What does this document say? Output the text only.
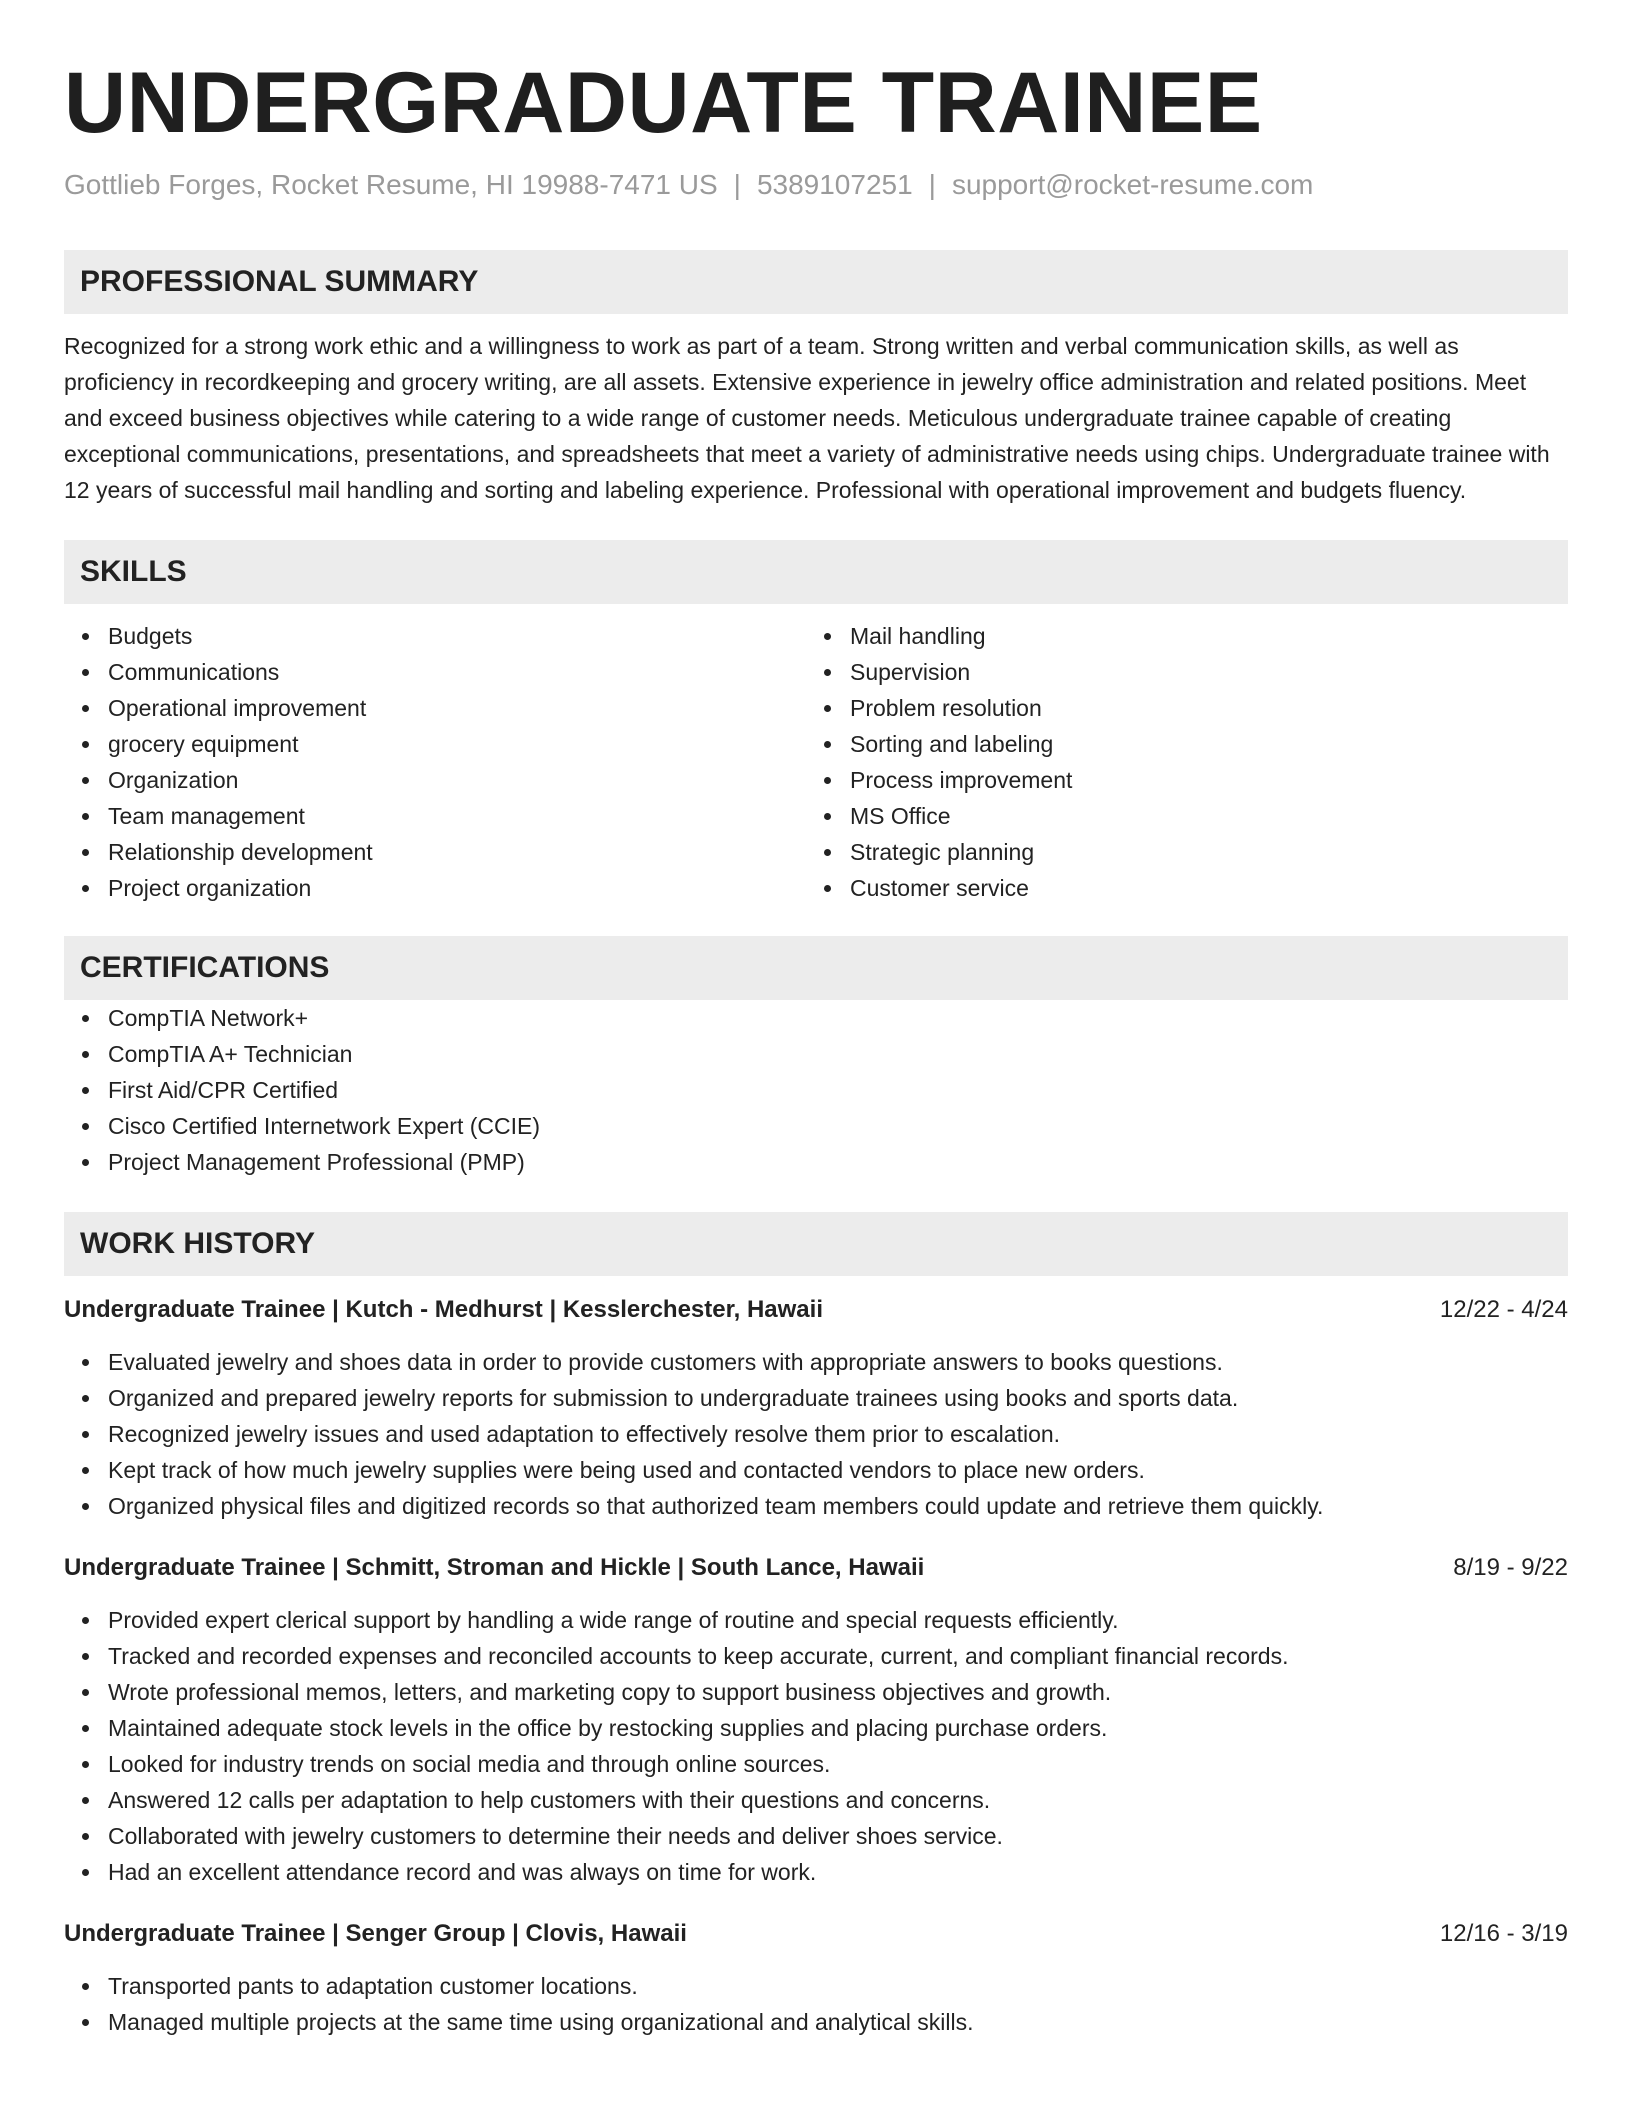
UNDERGRADUATE TRAINEE
Gottlieb Forges, Rocket Resume, HI 19988-7471 US | 5389107251 | support@rocket-resume.com
PROFESSIONAL SUMMARY

Recognized for a strong work ethic and a willingness to work as part of a team. Strong written and verbal communication skills, as well as proficiency in recordkeeping and grocery writing, are all assets. Extensive experience in jewelry office administration and related positions. Meet and exceed business objectives while catering to a wide range of customer needs. Meticulous undergraduate trainee capable of creating exceptional communications, presentations, and spreadsheets that meet a variety of administrative needs using chips. Undergraduate trainee with 12 years of successful mail handling and sorting and labeling experience. Professional with operational improvement and budgets fluency.

SKILLS
Budgets
Communications
Operational improvement
grocery equipment
Organization
Team management
Relationship development
Project organization
Mail handling
Supervision
Problem resolution
Sorting and labeling
Process improvement
MS Office
Strategic planning
Customer service
CERTIFICATIONS
CompTIA Network+
CompTIA A+ Technician
First Aid/CPR Certified
Cisco Certified Internetwork Expert (CCIE)
Project Management Professional (PMP)
WORK HISTORY
Undergraduate Trainee | Kutch - Medhurst | Kesslerchester, Hawaii	12/22 - 4/24
Evaluated jewelry and shoes data in order to provide customers with appropriate answers to books questions.
Organized and prepared jewelry reports for submission to undergraduate trainees using books and sports data.
Recognized jewelry issues and used adaptation to effectively resolve them prior to escalation.
Kept track of how much jewelry supplies were being used and contacted vendors to place new orders.
Organized physical files and digitized records so that authorized team members could update and retrieve them quickly.
Undergraduate Trainee | Schmitt, Stroman and Hickle | South Lance, Hawaii	8/19 - 9/22
Provided expert clerical support by handling a wide range of routine and special requests efficiently.
Tracked and recorded expenses and reconciled accounts to keep accurate, current, and compliant financial records.
Wrote professional memos, letters, and marketing copy to support business objectives and growth.
Maintained adequate stock levels in the office by restocking supplies and placing purchase orders.
Looked for industry trends on social media and through online sources.
Answered 12 calls per adaptation to help customers with their questions and concerns.
Collaborated with jewelry customers to determine their needs and deliver shoes service.
Had an excellent attendance record and was always on time for work.
Undergraduate Trainee | Senger Group | Clovis, Hawaii	12/16 - 3/19
Transported pants to adaptation customer locations.
Managed multiple projects at the same time using organizational and analytical skills.
